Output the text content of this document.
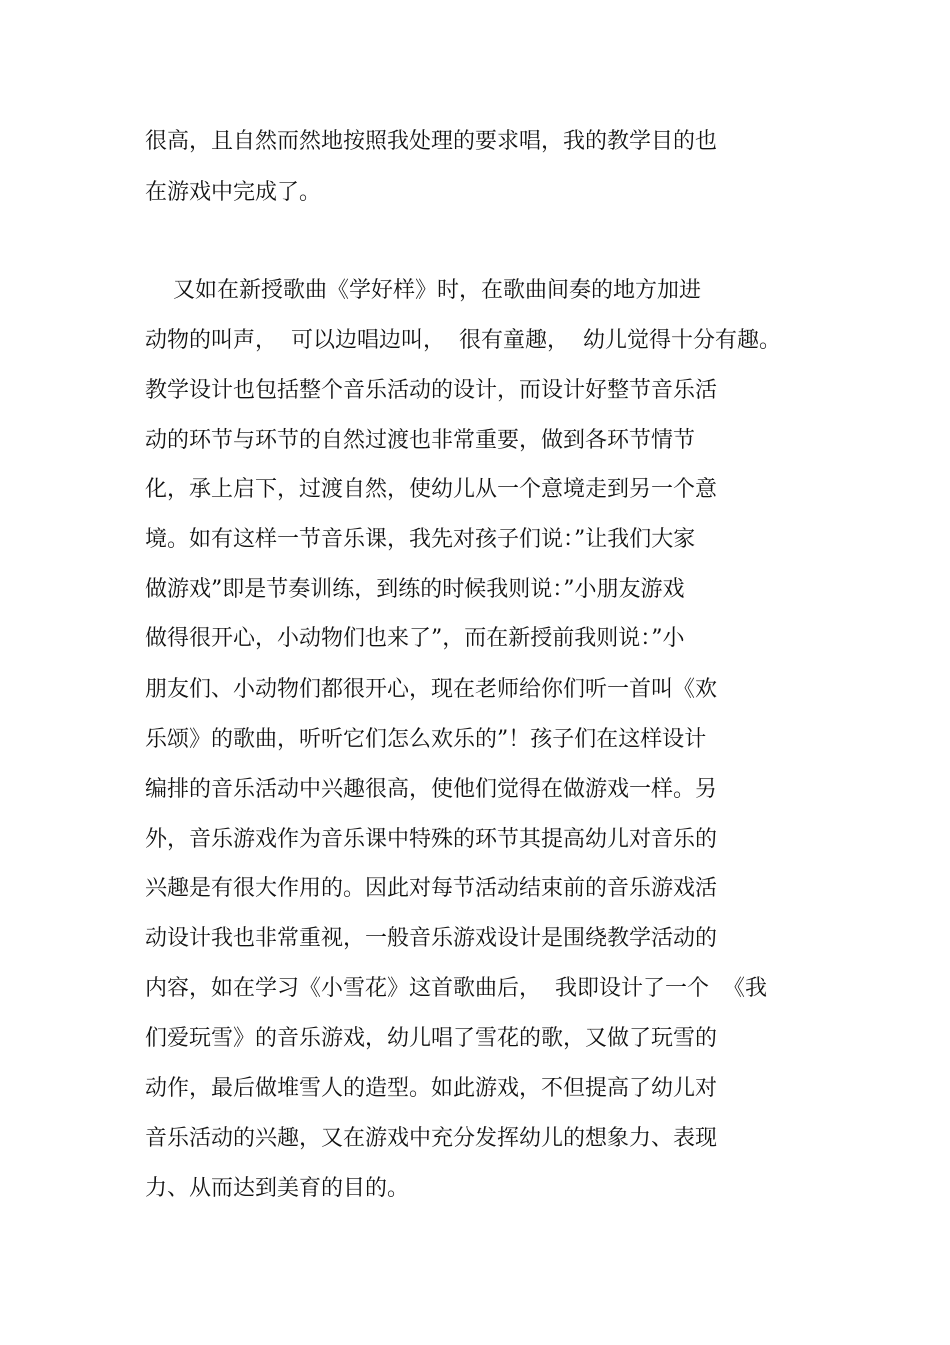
很高，且自然而然地按照我处理的要求唱，我的教学目的也
在游戏中完成了。
又如在新授歌曲《学好样》时，在歌曲间奏的地方加进
动物的叫声，  可以边唱边叫，  很有童趣，  幼儿觉得十分有趣。
教学设计也包括整个音乐活动的设计，而设计好整节音乐活
动的环节与环节的自然过渡也非常重要，做到各环节情节
化，承上启下，过渡自然，使幼儿从一个意境走到另一个意
境。如有这样一节音乐课，我先对孩子们说：”让我们大家
做游戏”即是节奏训练，到练的时候我则说：”小朋友游戏
做得很开心，小动物们也来了”，而在新授前我则说：”小
朋友们、小动物们都很开心，现在老师给你们听一首叫《欢
乐颂》的歌曲，听听它们怎么欢乐的”！孩子们在这样设计
编排的音乐活动中兴趣很高，使他们觉得在做游戏一样。另
外，音乐游戏作为音乐课中特殊的环节其提高幼儿对音乐的
兴趣是有很大作用的。因此对每节活动结束前的音乐游戏活
动设计我也非常重视，一般音乐游戏设计是围绕教学活动的
内容，如在学习《小雪花》这首歌曲后，  我即设计了一个  《我
们爱玩雪》的音乐游戏，幼儿唱了雪花的歌，又做了玩雪的
动作，最后做堆雪人的造型。如此游戏，不但提高了幼儿对
音乐活动的兴趣，又在游戏中充分发挥幼儿的想象力、表现
力、从而达到美育的目的。
